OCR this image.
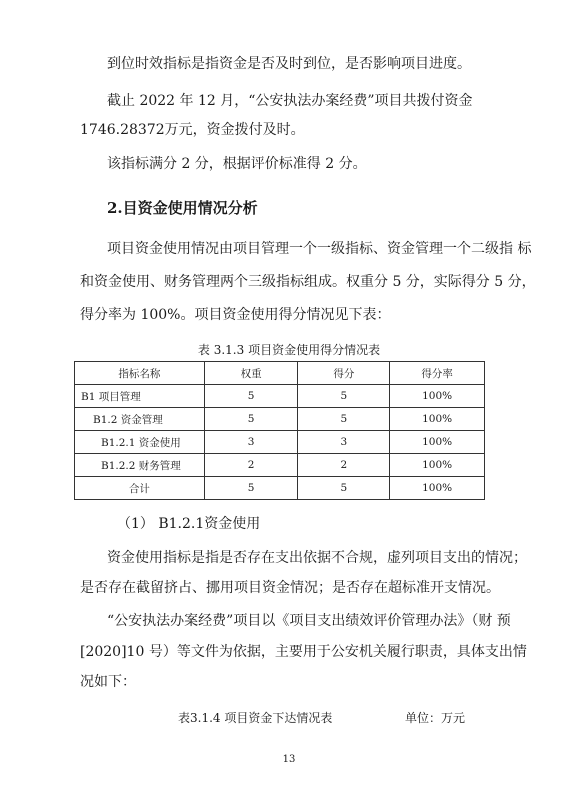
到位时效指标是指资金是否及时到位，是否影响项目进度。
截止 2022 年 12 月，“公安执法办案经费”项目共拨付资金
1746.28372万元，资金拨付及时。
该指标满分 2 分，根据评价标准得 2 分。
2.目资金使用情况分析
项目资金使用情况由项目管理一个一级指标、资金管理一个二级指 标
和资金使用、财务管理两个三级指标组成。权重分 5 分，实际得分 5 分，
得分率为 100%。项目资金使用得分情况见下表：
表 3.1.3 项目资金使用得分情况表
指标名称	权重	得分	得分率
B1 项目管理	5	5	100%
B1.2 资金管理	5	5	100%
B1.2.1 资金使用	3	3	100%
B1.2.2 财务管理	2	2	100%
合计	5	5	100%
（1） B1.2.1资金使用
资金使用指标是指是否存在支出依据不合规，虚列项目支出的情况；
是否存在截留挤占、挪用项目资金情况；是否存在超标准开支情况。
“公安执法办案经费”项目以《项目支出绩效评价管理办法》（财 预
[2020]10 号）等文件为依据，主要用于公安机关履行职责，具体支出情
况如下：
表3.1.4 项目资金下达情况表	单位：万元
13
